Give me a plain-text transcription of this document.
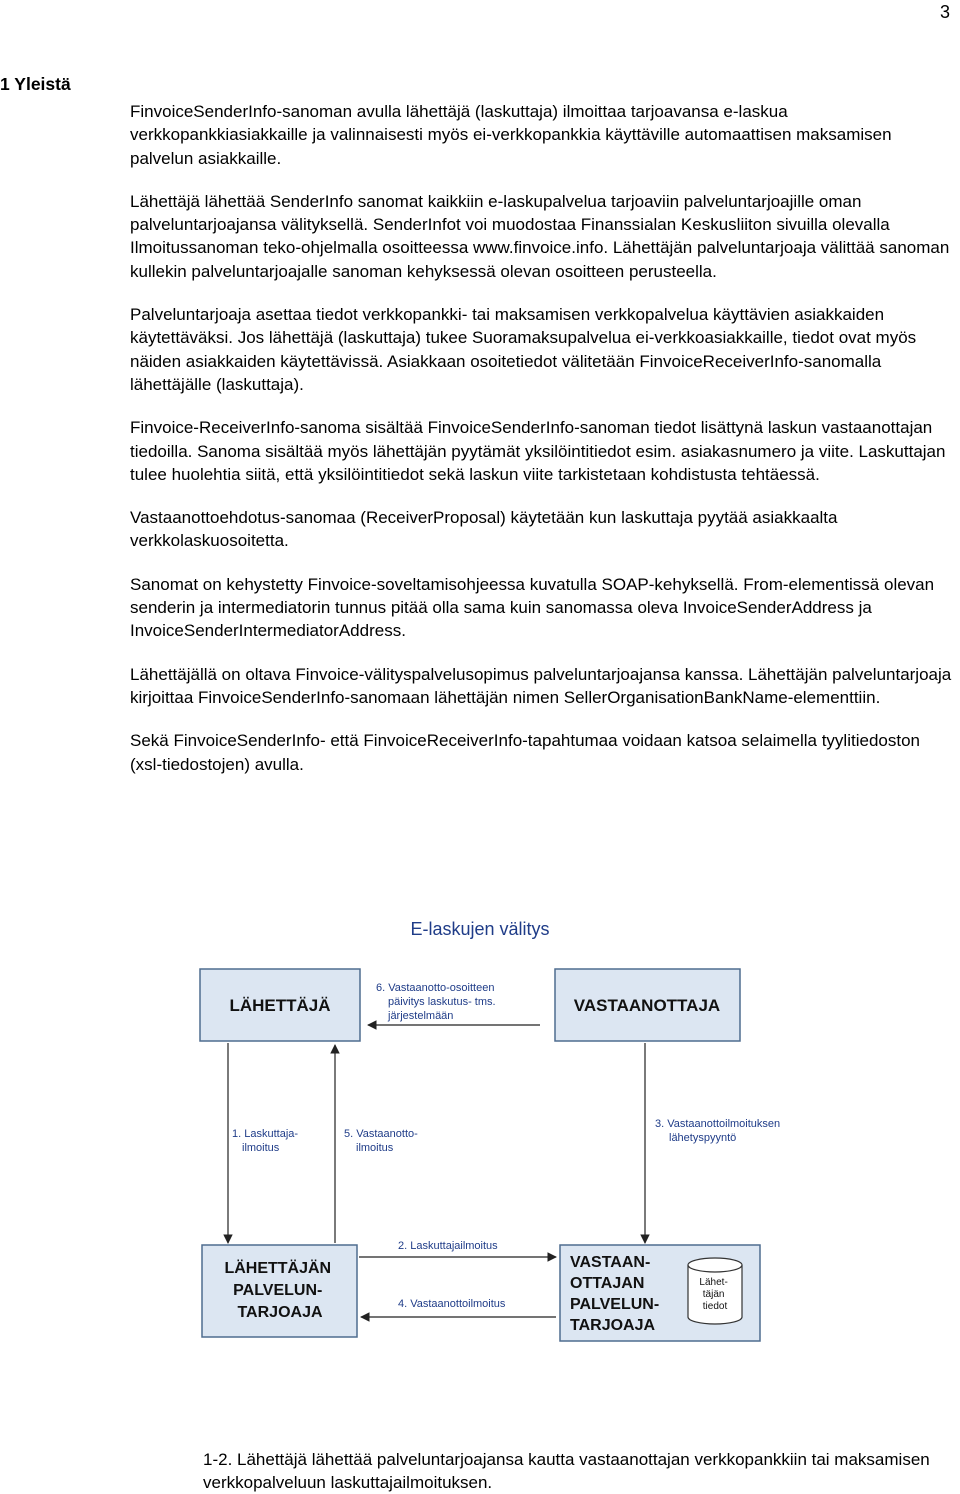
3
1 Yleistä

FinvoiceSenderInfo-sanoman avulla lähettäjä (laskuttaja) ilmoittaa tarjoavansa e-laskua verkkopankkiasiakkaille ja valinnaisesti myös ei-verkkopankkia käyttäville automaattisen maksamisen palvelun asiakkaille.

Lähettäjä lähettää SenderInfo sanomat kaikkiin e-laskupalvelua tarjoaviin palveluntarjoajille oman palveluntarjoajansa välityksellä. SenderInfot voi muodostaa Finanssialan Keskusliiton sivuilla olevalla Ilmoitussanoman teko-ohjelmalla osoitteessa www.finvoice.info. Lähettäjän palveluntarjoaja välittää sanoman kullekin palveluntarjoajalle sanoman kehyksessä olevan osoitteen perusteella.

Palveluntarjoaja asettaa tiedot verkkopankki- tai maksamisen verkkopalvelua käyttävien asiakkaiden käytettäväksi. Jos lähettäjä (laskuttaja) tukee Suoramaksupalvelua ei-verkkoasiakkaille, tiedot ovat myös näiden asiakkaiden käytettävissä. Asiakkaan osoitetiedot välitetään FinvoiceReceiverInfo-sanomalla lähettäjälle (laskuttaja).

Finvoice-ReceiverInfo-sanoma sisältää FinvoiceSenderInfo-sanoman tiedot lisättynä laskun vastaanottajan tiedoilla. Sanoma sisältää myös lähettäjän pyytämät yksilöintitiedot esim. asiakasnumero ja viite. Laskuttajan tulee huolehtia siitä, että yksilöintitiedot sekä laskun viite tarkistetaan kohdistusta tehtäessä.

Vastaanottoehdotus-sanomaa (ReceiverProposal) käytetään kun laskuttaja pyytää asiakkaalta verkkolaskuosoitetta.

Sanomat on kehystetty Finvoice-soveltamisohjeessa kuvatulla SOAP-kehyksellä. From-elementissä olevan senderin ja intermediatorin tunnus pitää olla sama kuin sanomassa oleva InvoiceSenderAddress ja InvoiceSenderIntermediatorAddress.

Lähettäjällä on oltava Finvoice-välityspalvelusopimus palveluntarjoajansa kanssa. Lähettäjän palveluntarjoaja kirjoittaa FinvoiceSenderInfo-sanomaan lähettäjän nimen SellerOrganisationBankName-elementtiin.

Sekä FinvoiceSenderInfo- että FinvoiceReceiverInfo-tapahtumaa voidaan katsoa selaimella tyylitiedoston (xsl-tiedostojen) avulla.

E-laskujen välitys
LÄHETTÄJÄ	VASTAANOTTAJA
6. Vastaanotto-osoitteen päivitys laskutus- tms. järjestelmään
1. Laskuttaja- ilmoitus
5. Vastaanotto- ilmoitus
3. Vastaanottoilmoituksen lähetyspyyntö
LÄHETTÄJÄN PALVELUN- TARJOAJA
VASTAAN- OTTAJAN PALVELUN- TARJOAJA
Lähet- täjän tiedot
2. Laskuttajailmoitus
4. Vastaanottoilmoitus
1-2. Lähettäjä lähettää palveluntarjoajansa kautta vastaanottajan verkkopankkiin tai maksamisen verkkopalveluun laskuttajailmoituksen.
